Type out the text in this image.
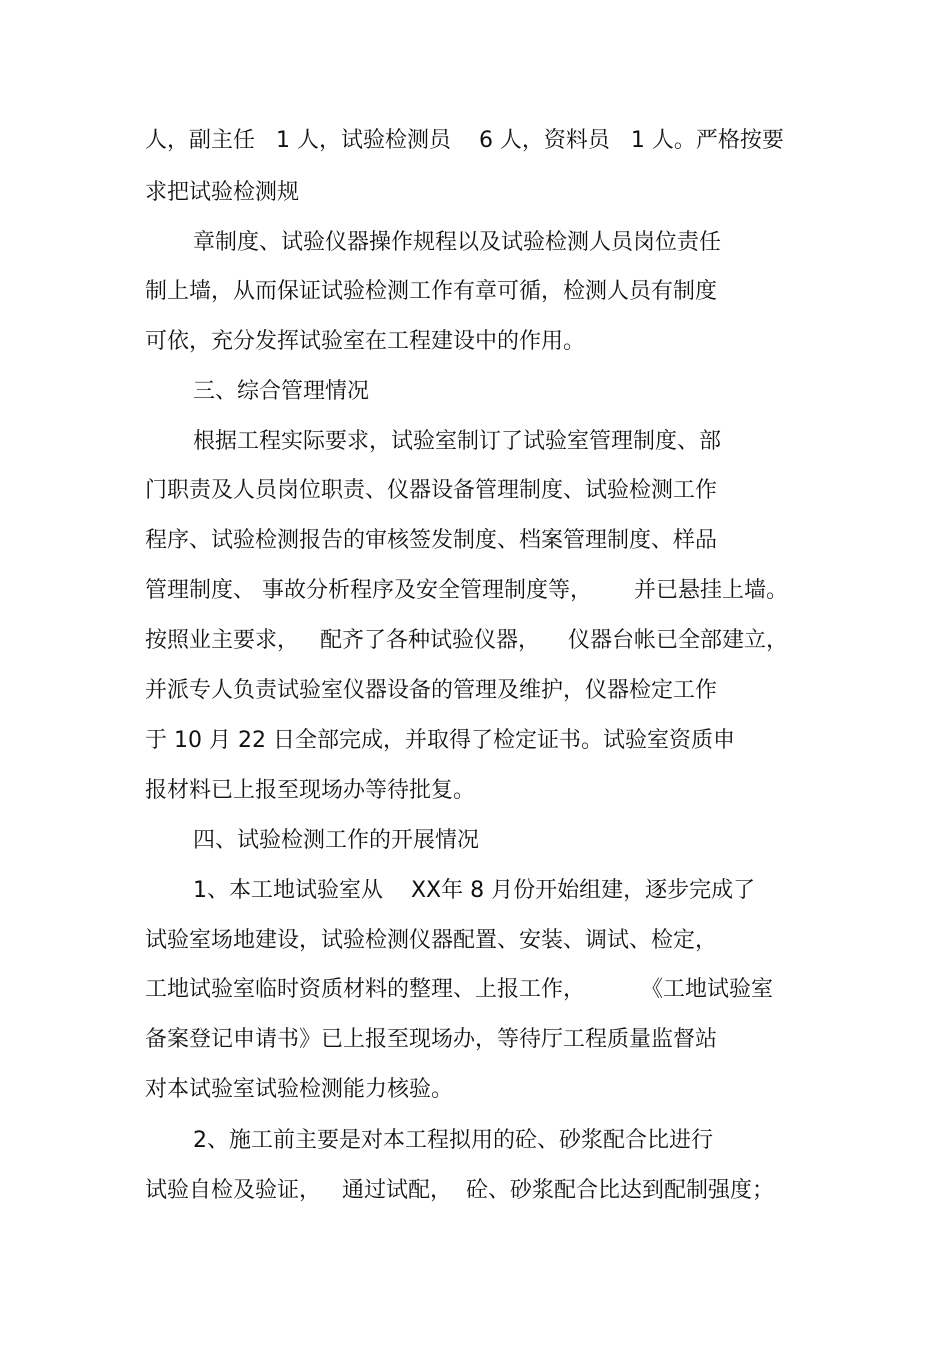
人，副主任   1 人，试验检测员    6 人，资料员   1 人。严格按要
求把试验检测规
章制度、试验仪器操作规程以及试验检测人员岗位责任
制上墙，从而保证试验检测工作有章可循，检测人员有制度
可依，充分发挥试验室在工程建设中的作用。
三、综合管理情况
根据工程实际要求，试验室制订了试验室管理制度、部
门职责及人员岗位职责、仪器设备管理制度、试验检测工作
程序、试验检测报告的审核签发制度、档案管理制度、样品
管理制度、 事故分析程序及安全管理制度等，      并已悬挂上墙。
按照业主要求，   配齐了各种试验仪器，    仪器台帐已全部建立，
并派专人负责试验室仪器设备的管理及维护，仪器检定工作
于 10 月 22 日全部完成，并取得了检定证书。试验室资质申
报材料已上报至现场办等待批复。
四、试验检测工作的开展情况
1、本工地试验室从    XX年 8 月份开始组建，逐步完成了
试验室场地建设，试验检测仪器配置、安装、调试、检定，
工地试验室临时资质材料的整理、上报工作，        《工地试验室
备案登记申请书》已上报至现场办，等待厅工程质量监督站
对本试验室试验检测能力核验。
2、施工前主要是对本工程拟用的砼、砂浆配合比进行
试验自检及验证，   通过试配，  砼、砂浆配合比达到配制强度；
